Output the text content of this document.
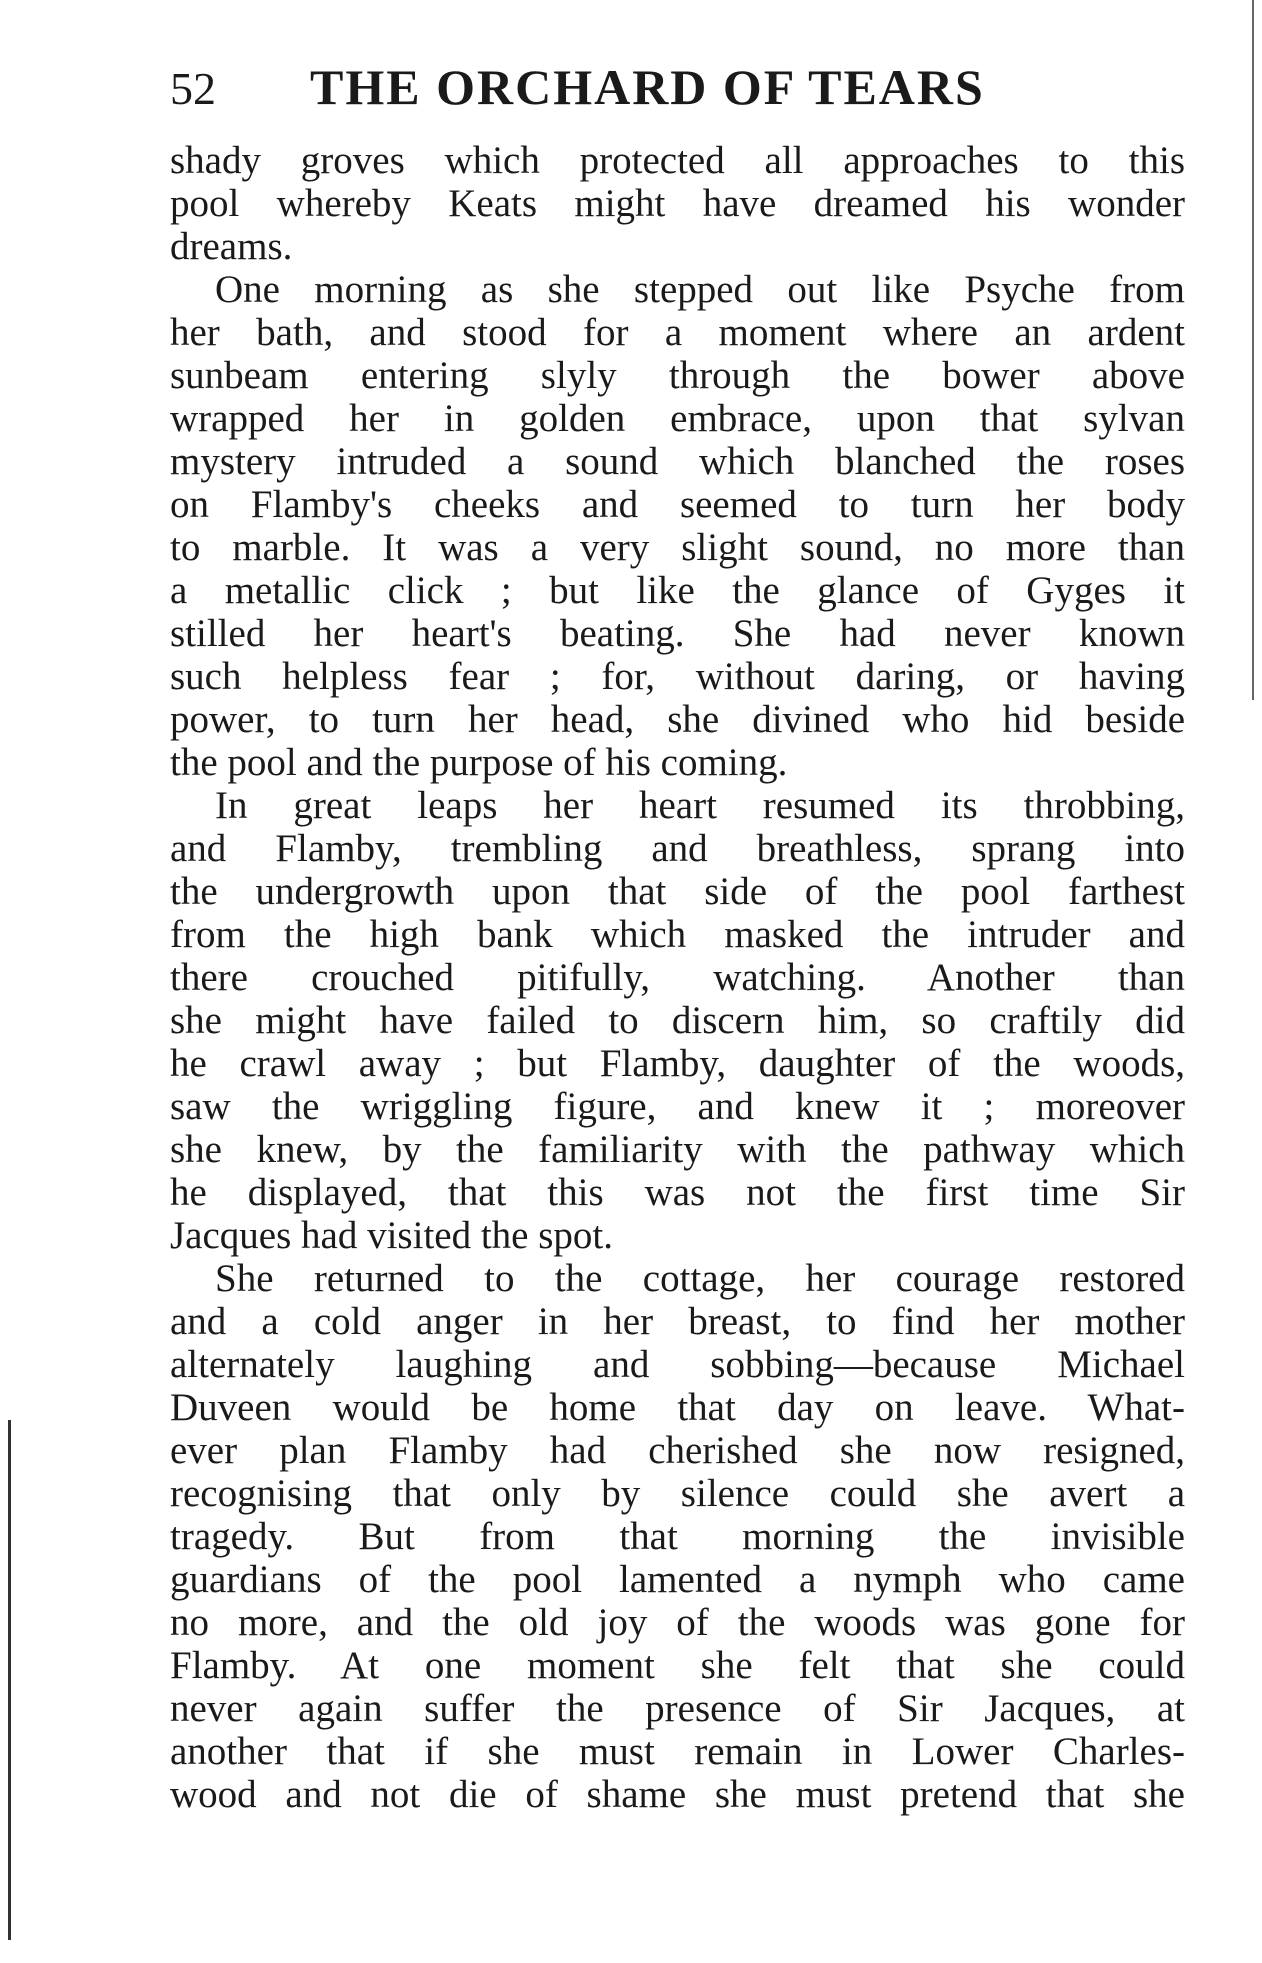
52 THE ORCHARD OF TEARS
shady groves which protected all approaches to this
pool whereby Keats might have dreamed his wonder
dreams.
One morning as she stepped out like Psyche from
her bath, and stood for a moment where an ardent
sunbeam entering slyly through the bower above
wrapped her in golden embrace, upon that sylvan
mystery intruded a sound which blanched the roses
on Flamby's cheeks and seemed to turn her body
to marble. It was a very slight sound, no more than
a metallic click ; but like the glance of Gyges it
stilled her heart's beating. She had never known
such helpless fear ; for, without daring, or having
power, to turn her head, she divined who hid beside
the pool and the purpose of his coming.
In great leaps her heart resumed its throbbing,
and Flamby, trembling and breathless, sprang into
the undergrowth upon that side of the pool farthest
from the high bank which masked the intruder and
there crouched pitifully, watching. Another than
she might have failed to discern him, so craftily did
he crawl away ; but Flamby, daughter of the woods,
saw the wriggling figure, and knew it ; moreover
she knew, by the familiarity with the pathway which
he displayed, that this was not the first time Sir
Jacques had visited the spot.
She returned to the cottage, her courage restored
and a cold anger in her breast, to find her mother
alternately laughing and sobbing—because Michael
Duveen would be home that day on leave. What-
ever plan Flamby had cherished she now resigned,
recognising that only by silence could she avert a
tragedy. But from that morning the invisible
guardians of the pool lamented a nymph who came
no more, and the old joy of the woods was gone for
Flamby. At one moment she felt that she could
never again suffer the presence of Sir Jacques, at
another that if she must remain in Lower Charles-
wood and not die of shame she must pretend that she
